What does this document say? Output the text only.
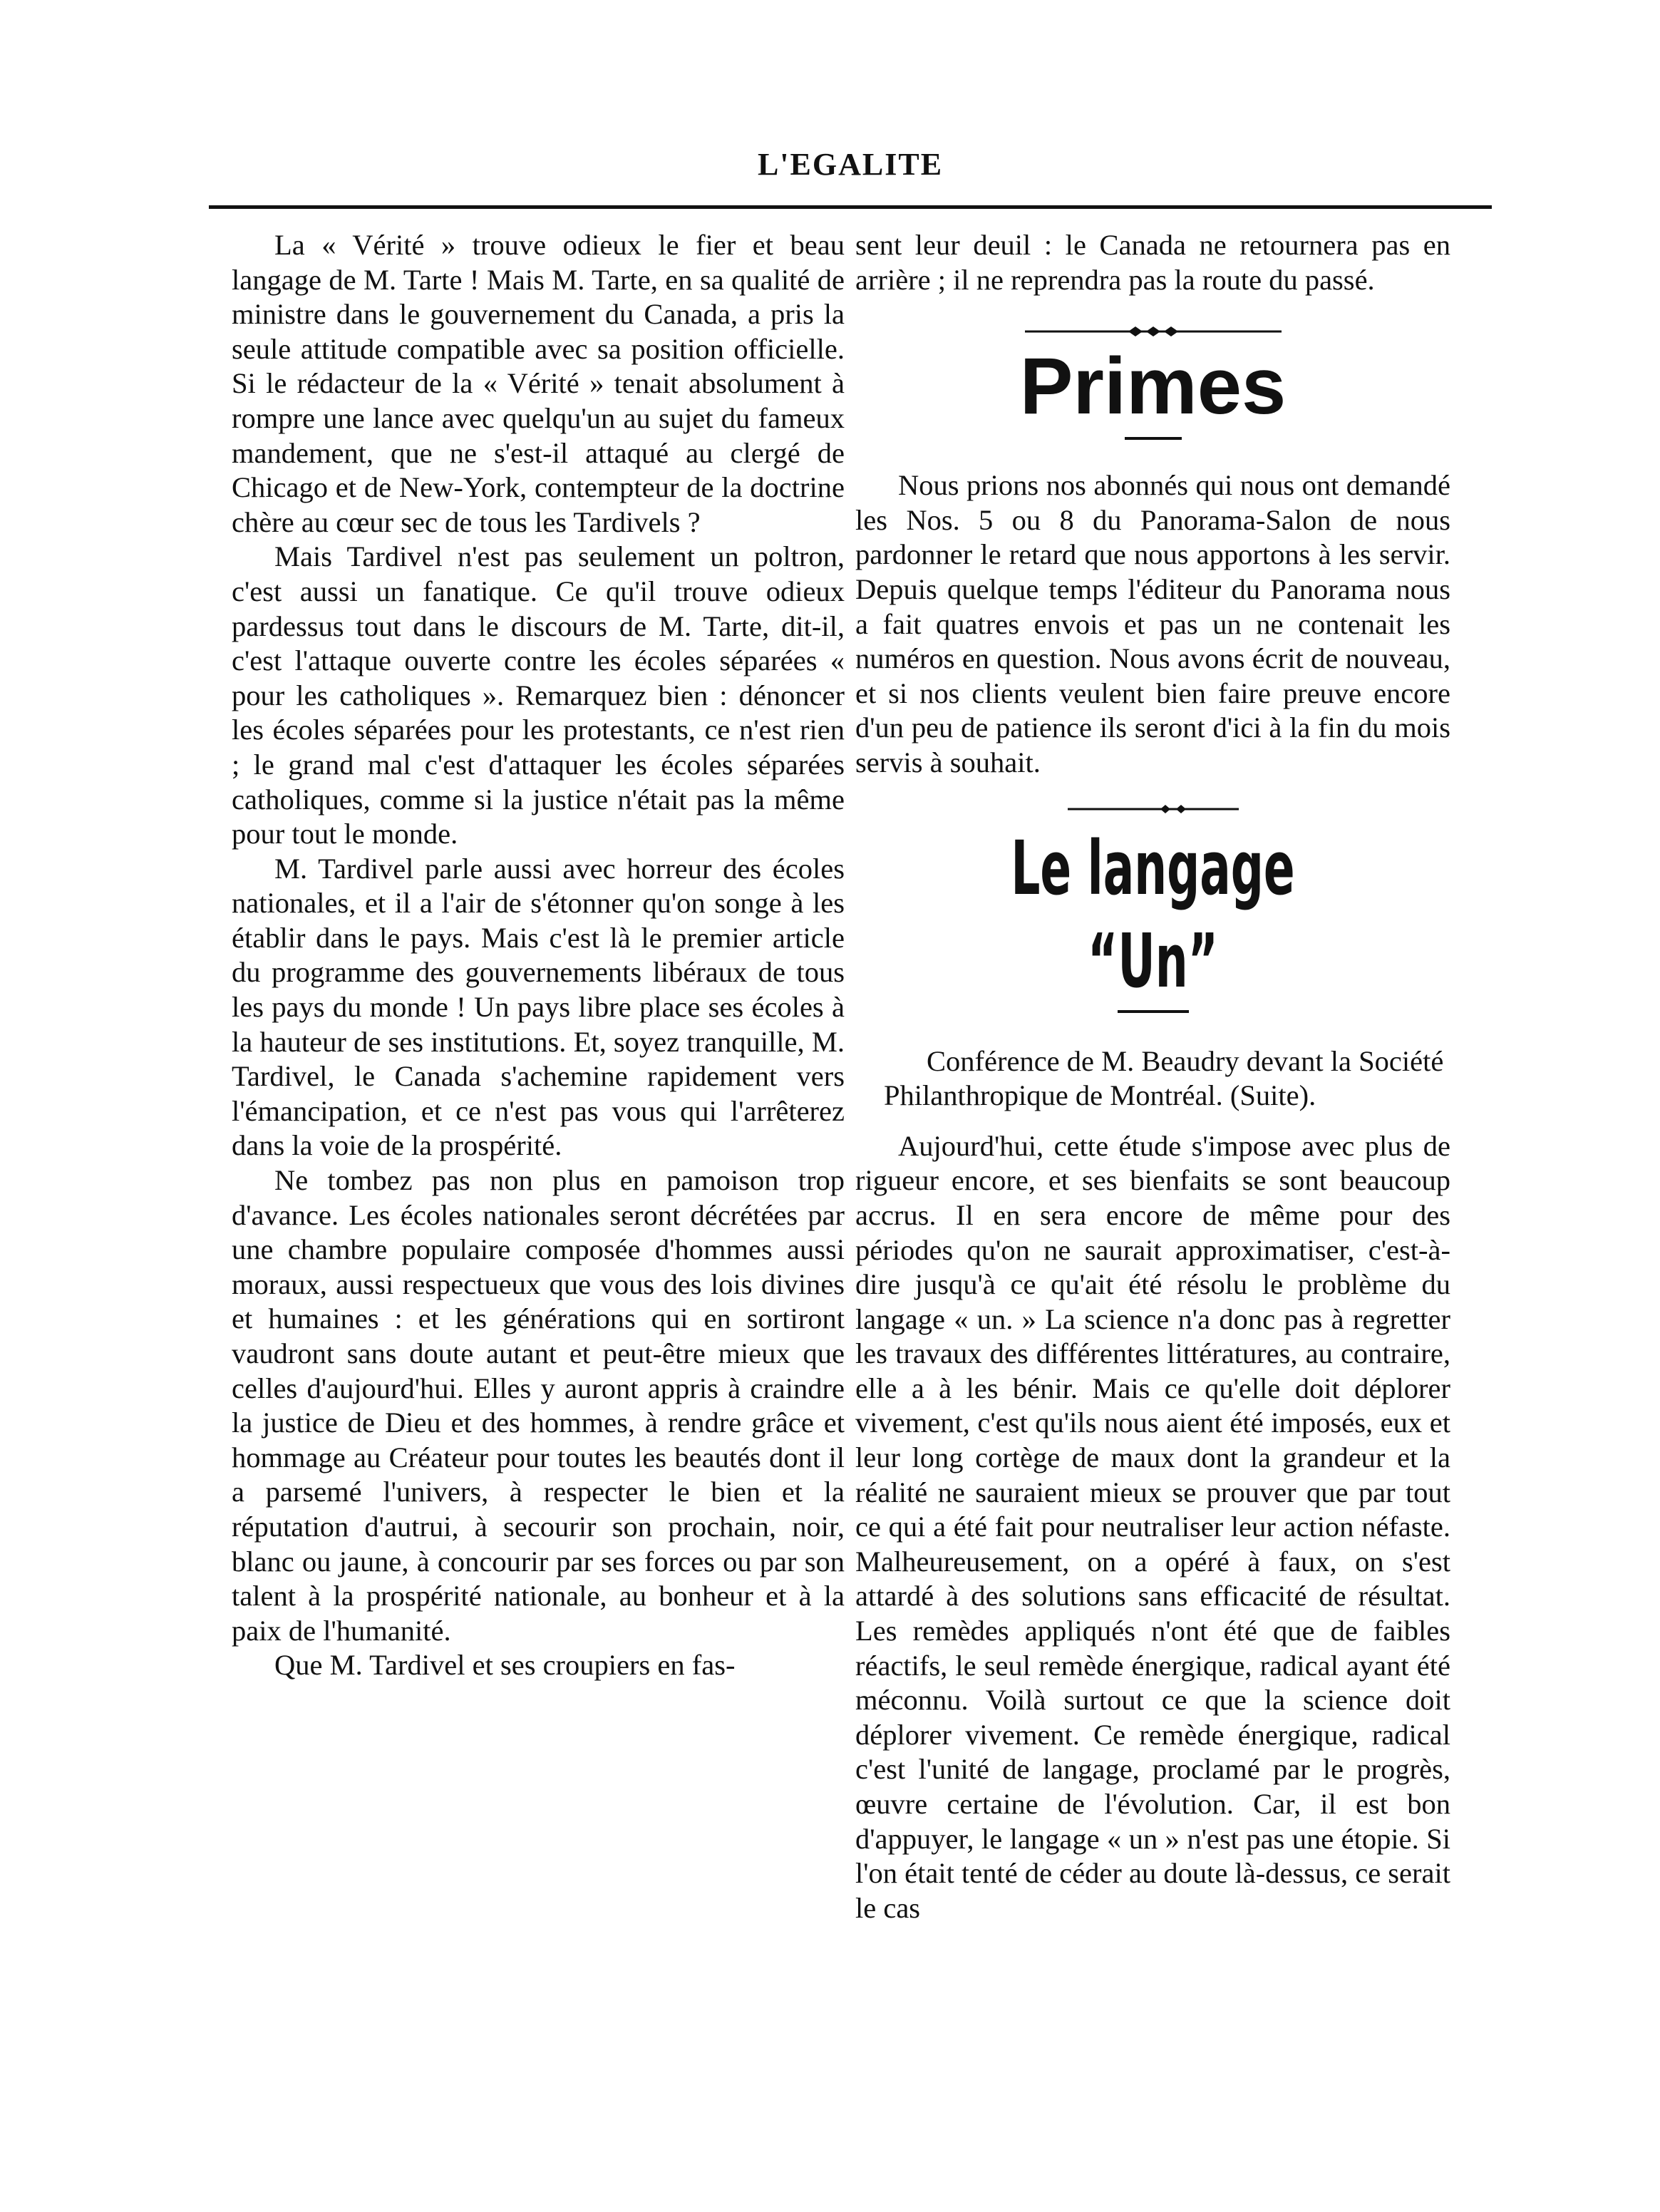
L'EGALITE

La « Vérité » trouve odieux le fier et beau langage de M. Tarte ! Mais M. Tarte, en sa qualité de ministre dans le gouvernement du Canada, a pris la seule attitude compatible avec sa position officielle. Si le rédacteur de la « Vérité » tenait absolument à rompre une lance avec quelqu'un au sujet du fameux mandement, que ne s'est-il attaqué au clergé de Chicago et de New-York, contempteur de la doctrine chère au cœur sec de tous les Tardivels ?

Mais Tardivel n'est pas seulement un poltron, c'est aussi un fanatique. Ce qu'il trouve odieux pardessus tout dans le discours de M. Tarte, dit-il, c'est l'attaque ouverte contre les écoles séparées « pour les catholiques ». Remarquez bien : dénoncer les écoles séparées pour les protestants, ce n'est rien ; le grand mal c'est d'attaquer les écoles séparées catholiques, comme si la justice n'était pas la même pour tout le monde.

M. Tardivel parle aussi avec horreur des écoles nationales, et il a l'air de s'étonner qu'on songe à les établir dans le pays. Mais c'est là le premier article du programme des gouvernements libéraux de tous les pays du monde ! Un pays libre place ses écoles à la hauteur de ses institutions. Et, soyez tranquille, M. Tardivel, le Canada s'achemine rapidement vers l'émancipation, et ce n'est pas vous qui l'arrêterez dans la voie de la prospérité.

Ne tombez pas non plus en pamoison trop d'avance. Les écoles nationales seront décrétées par une chambre populaire composée d'hommes aussi moraux, aussi respectueux que vous des lois divines et humaines : et les générations qui en sortiront vaudront sans doute autant et peut-être mieux que celles d'aujourd'hui. Elles y auront appris à craindre la justice de Dieu et des hommes, à rendre grâce et hommage au Créateur pour toutes les beautés dont il a parsemé l'univers, à respecter le bien et la réputation d'autrui, à secourir son prochain, noir, blanc ou jaune, à concourir par ses forces ou par son talent à la prospérité nationale, au bonheur et à la paix de l'humanité.

Que M. Tardivel et ses croupiers en fas-

sent leur deuil : le Canada ne retournera pas en arrière ; il ne reprendra pas la route du passé.

Primes

Nous prions nos abonnés qui nous ont demandé les Nos. 5 ou 8 du Panorama-Salon de nous pardonner le retard que nous apportons à les servir. Depuis quelque temps l'éditeur du Panorama nous a fait quatres envois et pas un ne contenait les numéros en question. Nous avons écrit de nouveau, et si nos clients veulent bien faire preuve encore d'un peu de patience ils seront d'ici à la fin du mois servis à souhait.

Le langage “Un”

Conférence de M. Beaudry devant la Société Philanthropique de Montréal. (Suite).

Aujourd'hui, cette étude s'impose avec plus de rigueur encore, et ses bienfaits se sont beaucoup accrus. Il en sera encore de même pour des périodes qu'on ne saurait approximatiser, c'est-à-dire jusqu'à ce qu'ait été résolu le problème du langage « un. » La science n'a donc pas à regretter les travaux des différentes littératures, au contraire, elle a à les bénir. Mais ce qu'elle doit déplorer vivement, c'est qu'ils nous aient été imposés, eux et leur long cortège de maux dont la grandeur et la réalité ne sauraient mieux se prouver que par tout ce qui a été fait pour neutraliser leur action néfaste. Malheureusement, on a opéré à faux, on s'est attardé à des solutions sans efficacité de résultat. Les remèdes appliqués n'ont été que de faibles réactifs, le seul remède énergique, radical ayant été méconnu. Voilà surtout ce que la science doit déplorer vivement. Ce remède énergique, radical c'est l'unité de langage, proclamé par le progrès, œuvre certaine de l'évolution. Car, il est bon d'appuyer, le langage « un » n'est pas une étopie. Si l'on était tenté de céder au doute là-dessus, ce serait le cas
